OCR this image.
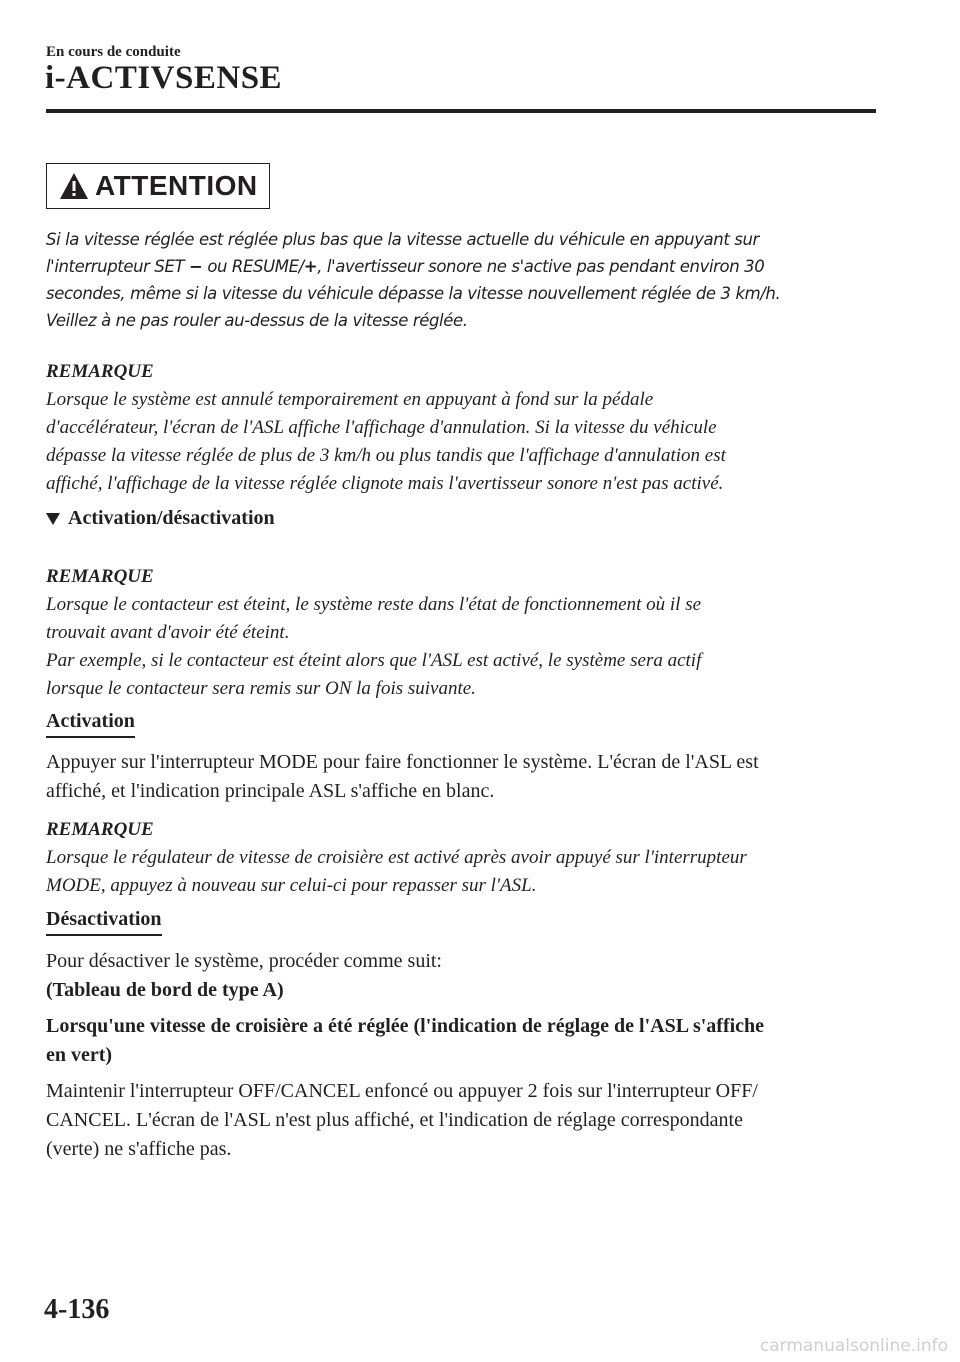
En cours de conduite
i-ACTIVSENSE
ATTENTION

Si la vitesse réglée est réglée plus bas que la vitesse actuelle du véhicule en appuyant sur

l'interrupteur SET − ou RESUME/+, l'avertisseur sonore ne s'active pas pendant environ 30

secondes, même si la vitesse du véhicule dépasse la vitesse nouvellement réglée de 3 km/h.

Veillez à ne pas rouler au-dessus de la vitesse réglée.

REMARQUE

Lorsque le système est annulé temporairement en appuyant à fond sur la pédale

d'accélérateur, l'écran de l'ASL affiche l'affichage d'annulation. Si la vitesse du véhicule

dépasse la vitesse réglée de plus de 3 km/h ou plus tandis que l'affichage d'annulation est

affiché, l'affichage de la vitesse réglée clignote mais l'avertisseur sonore n'est pas activé.

Activation/désactivation
REMARQUE

Lorsque le contacteur est éteint, le système reste dans l'état de fonctionnement où il se

trouvait avant d'avoir été éteint.

Par exemple, si le contacteur est éteint alors que l'ASL est activé, le système sera actif

lorsque le contacteur sera remis sur ON la fois suivante.

Activation

Appuyer sur l'interrupteur MODE pour faire fonctionner le système. L'écran de l'ASL est

affiché, et l'indication principale ASL s'affiche en blanc.

REMARQUE

Lorsque le régulateur de vitesse de croisière est activé après avoir appuyé sur l'interrupteur

MODE, appuyez à nouveau sur celui-ci pour repasser sur l'ASL.

Désactivation

Pour désactiver le système, procéder comme suit:

(Tableau de bord de type A)

Lorsqu'une vitesse de croisière a été réglée (l'indication de réglage de l'ASL s'affiche

en vert)

Maintenir l'interrupteur OFF/CANCEL enfoncé ou appuyer 2 fois sur l'interrupteur OFF/

CANCEL. L'écran de l'ASL n'est plus affiché, et l'indication de réglage correspondante

(verte) ne s'affiche pas.

4-136
carmanualsonline.info
